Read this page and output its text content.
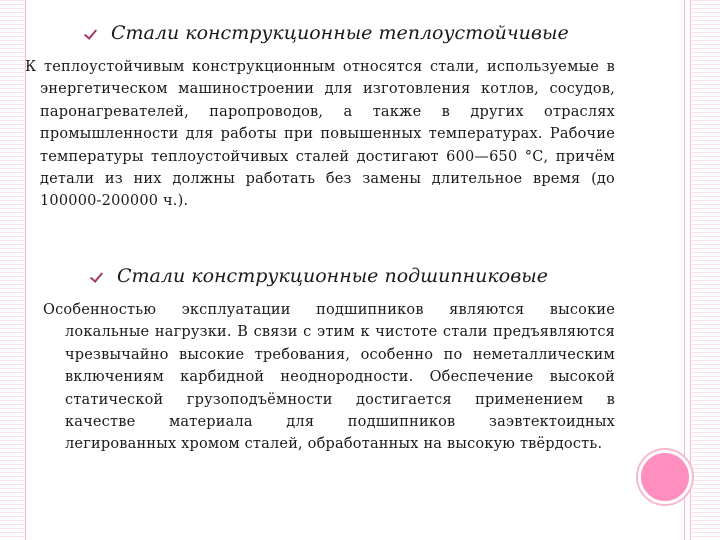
Стали конструкционные теплоустойчивые
К теплоустойчивым конструкционным относятся стали, используемые в энергетическом машиностроении для изготовления котлов, сосудов, паронагревателей, паропроводов, а также в других отраслях промышленности для работы при повышенных температурах. Рабочие температуры теплоустойчивых сталей достигают 600—650 °С, причём детали из них должны работать без замены длительное время (до 100000-200000 ч.).
Стали конструкционные подшипниковые
Особенностью эксплуатации подшипников являются высокие локальные нагрузки. В связи с этим к чистоте стали предъявляются чрезвычайно высокие требования, особенно по неметаллическим включениям карбидной неоднородности. Обеспечение высокой статической грузоподъёмности достигается применением в качестве материала для подшипников заэвтектоидных легированных хромом сталей, обработанных на высокую твёрдость.
